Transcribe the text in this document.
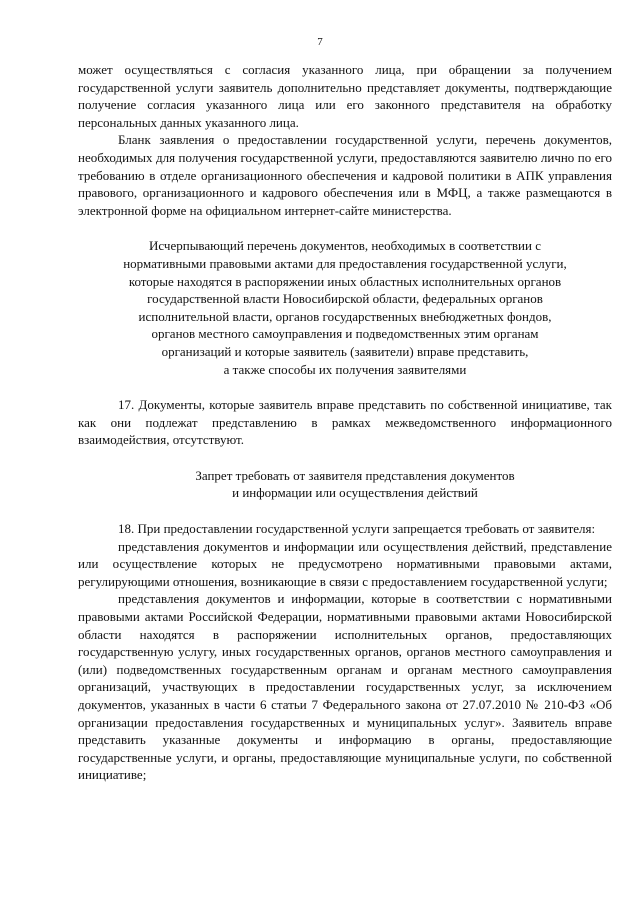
7

может осуществляться с согласия указанного лица, при обращении за получением государственной услуги заявитель дополнительно представляет документы, подтверждающие получение согласия указанного лица или его законного представителя на обработку персональных данных указанного лица.

Бланк заявления о предоставлении государственной услуги, перечень документов, необходимых для получения государственной услуги, предоставляются заявителю лично по его требованию в отделе организационного обеспечения и кадровой политики в АПК управления правового, организационного и кадрового обеспечения или в МФЦ, а также размещаются в электронной форме на официальном интернет-сайте министерства.

Исчерпывающий перечень документов, необходимых в соответствии с
нормативными правовыми актами для предоставления государственной услуги,
которые находятся в распоряжении иных областных исполнительных органов
государственной власти Новосибирской области, федеральных органов
исполнительной власти, органов государственных внебюджетных фондов,
органов местного самоуправления и подведомственных этим органам
организаций и которые заявитель (заявители) вправе представить,
а также способы их получения заявителями

17. Документы, которые заявитель вправе представить по собственной инициативе, так как они подлежат представлению в рамках межведомственного информационного взаимодействия, отсутствуют.

Запрет требовать от заявителя представления документов
и информации или осуществления действий

18. При предоставлении государственной услуги запрещается требовать от заявителя:

представления документов и информации или осуществления действий, представление или осуществление которых не предусмотрено нормативными правовыми актами, регулирующими отношения, возникающие в связи с предоставлением государственной услуги;

представления документов и информации, которые в соответствии с нормативными правовыми актами Российской Федерации, нормативными правовыми актами Новосибирской области находятся в распоряжении исполнительных органов, предоставляющих государственную услугу, иных государственных органов, органов местного самоуправления и (или) подведомственных государственным органам и органам местного самоуправления организаций, участвующих в предоставлении государственных услуг, за исключением документов, указанных в части 6 статьи 7 Федерального закона от 27.07.2010 № 210-ФЗ «Об организации предоставления государственных и муниципальных услуг». Заявитель вправе представить указанные документы и информацию в органы, предоставляющие государственные услуги, и органы, предоставляющие муниципальные услуги, по собственной инициативе;
